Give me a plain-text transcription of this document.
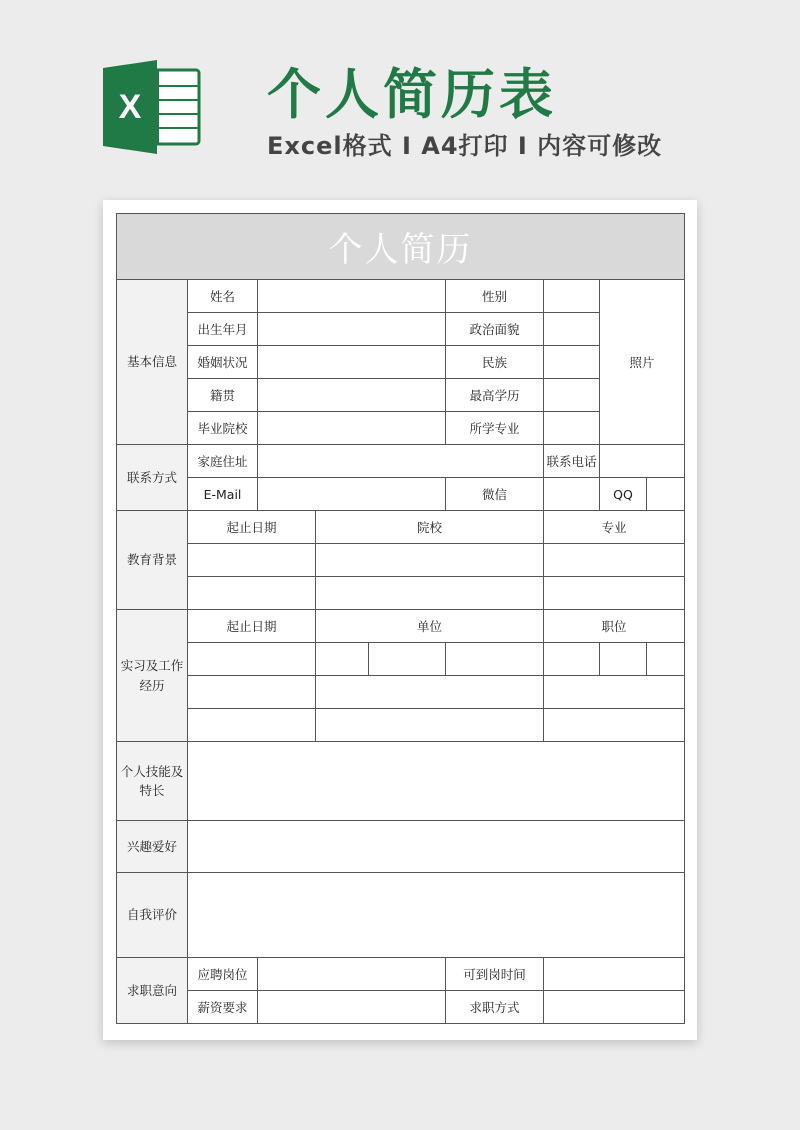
X 个人简历表
Excel格式 I A4打印 I 内容可修改
个人简历								
基本信息	姓名				性别		照片	
	出生年月				政治面貌			
	婚姻状况				民族			
	籍贯				最高学历			
	毕业院校				所学专业			
联系方式	家庭住址					联系电话		
	E-Mail				微信		QQ	
教育背景	起止日期		院校			专业		

实习及工作经历	起止日期		单位			职位		

个人技能及特长								
兴趣爱好								
自我评价								
求职意向	应聘岗位				可到岗时间			
	薪资要求				求职方式			
